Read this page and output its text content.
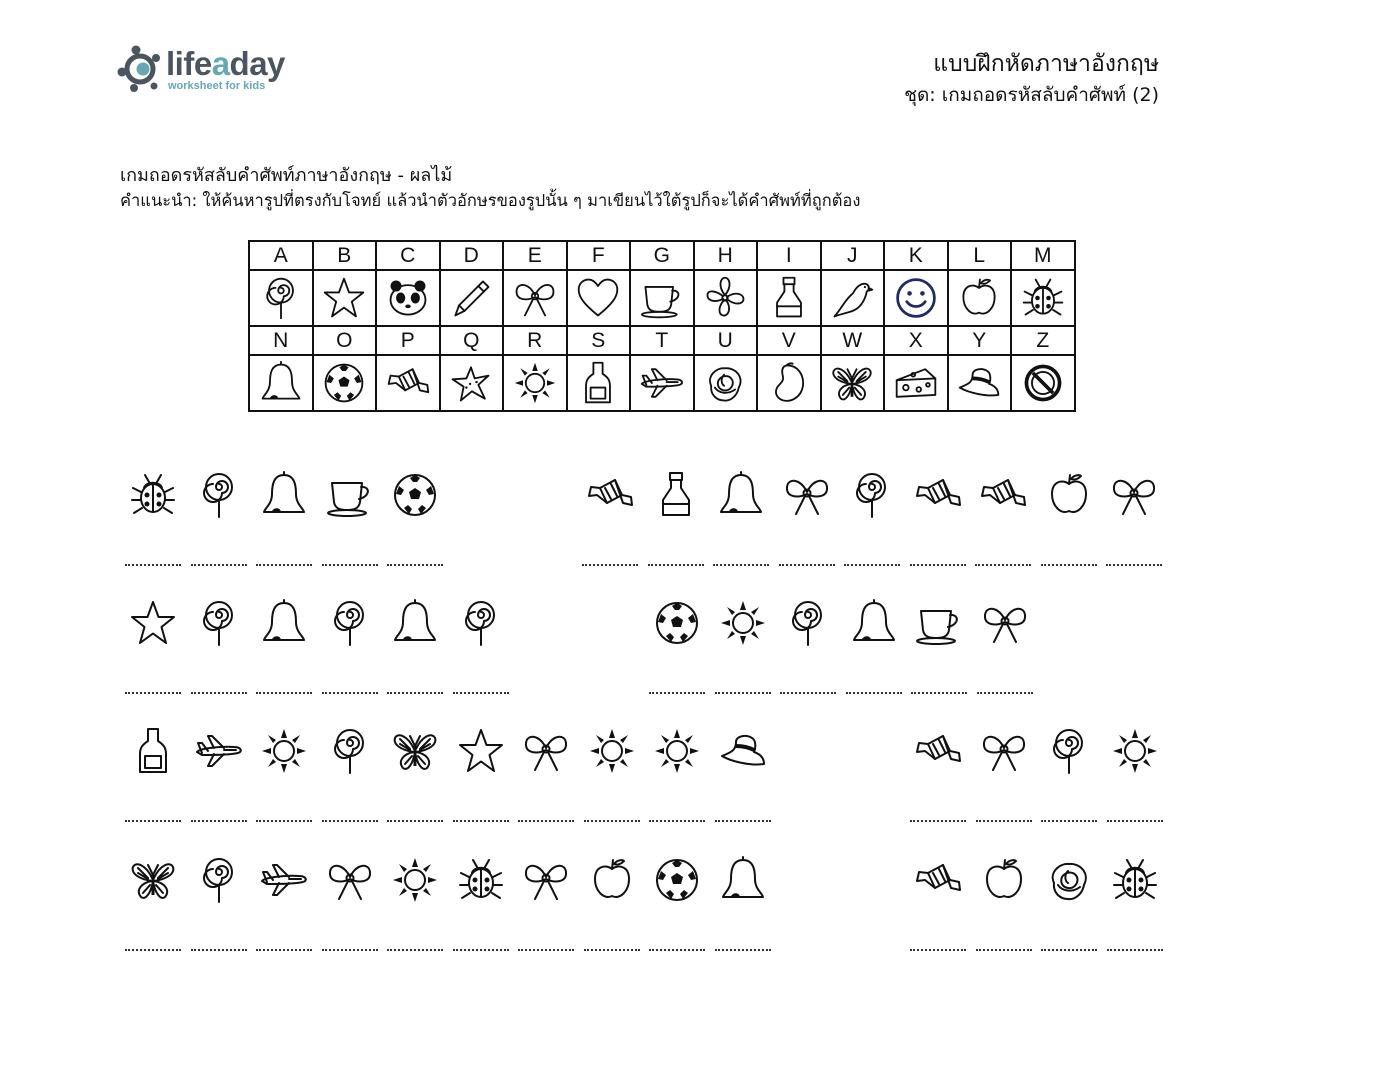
lifeaday
worksheet for kids
แบบฝึกหัดภาษาอังกฤษ
ชุด: เกมถอดรหัสลับคำศัพท์ (2)
เกมถอดรหัสลับคำศัพท์ภาษาอังกฤษ - ผลไม้
คำแนะนำ: ให้ค้นหารูปที่ตรงกับโจทย์ แล้วนำตัวอักษรของรูปนั้น ๆ มาเขียนไว้ใต้รูปก็จะได้คำศัพท์ที่ถูกต้อง
A	B	C	D	E	F	G	H	I	J	K	L	M

N	O	P	Q	R	S	T	U	V	W	X	Y	Z
